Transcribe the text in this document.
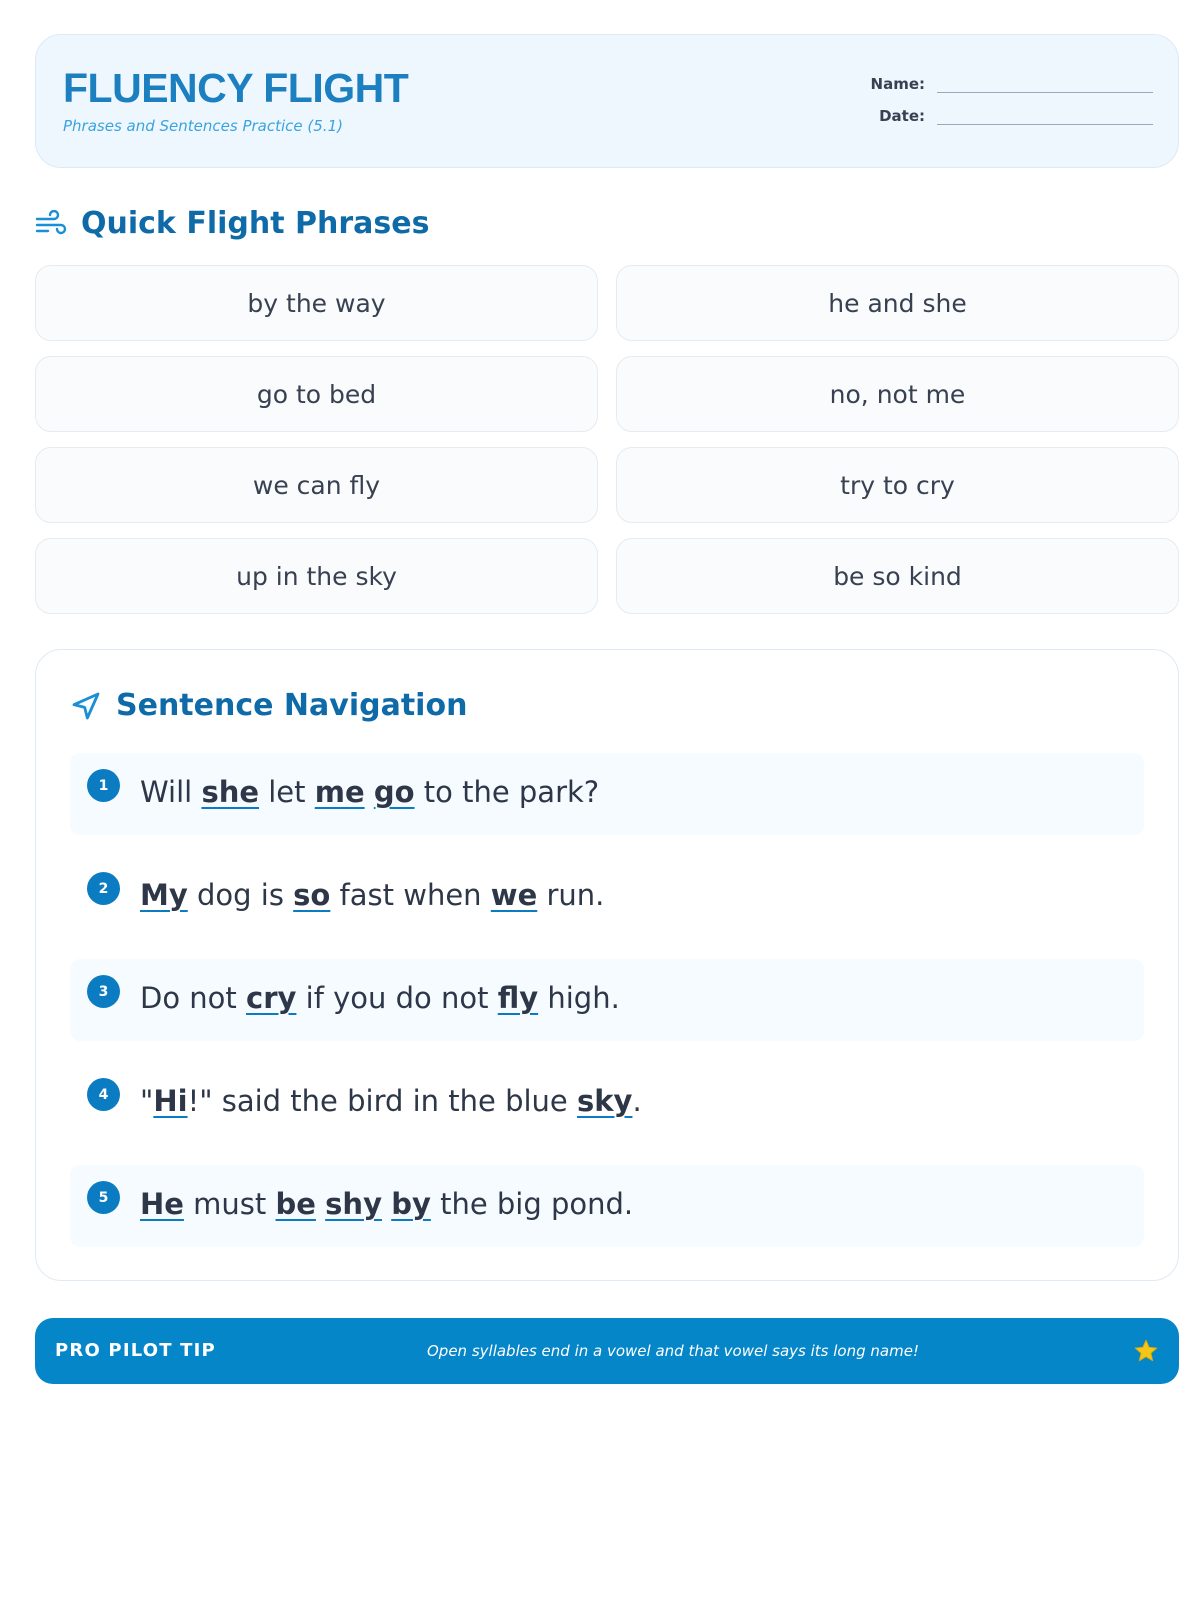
FLUENCY FLIGHT
Phrases and Sentences Practice (5.1)
Name:
Date:
Quick Flight Phrases
by the way	he and she
go to bed	no, not me
we can fly	try to cry
up in the sky	be so kind
Sentence Navigation
1	Will she let me go to the park?
2	My dog is so fast when we run.
3	Do not cry if you do not fly high.
4	"Hi!" said the bird in the blue sky.
5	He must be shy by the big pond.
PRO PILOT TIP	Open syllables end in a vowel and that vowel says its long name!
